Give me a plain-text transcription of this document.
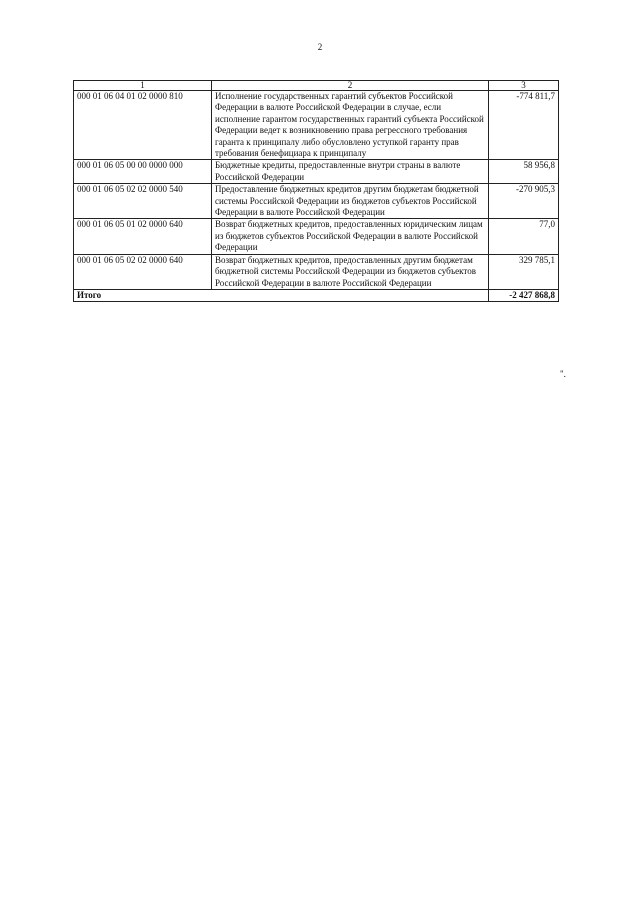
2
1	2	3
000 01 06 04 01 02 0000 810	Исполнение государственных гарантий субъектов Российской Федерации в валюте Российской Федерации в случае, если исполнение гарантом государственных гарантий субъекта Российской Федерации ведет к возникновению права регрессного требования гаранта к принципалу либо обусловлено уступкой гаранту прав требования бенефициара к принципалу	-774 811,7
000 01 06 05 00 00 0000 000	Бюджетные кредиты, предоставленные внутри страны в валюте Российской Федерации	58 956,8
000 01 06 05 02 02 0000 540	Предоставление бюджетных кредитов другим бюджетам бюджетной системы Российской Федерации из бюджетов субъектов Российской Федерации в валюте Российской Федерации	-270 905,3
000 01 06 05 01 02 0000 640	Возврат бюджетных кредитов, предоставленных юридическим лицам из бюджетов субъектов Российской Федерации в валюте Российской Федерации	77,0
000 01 06 05 02 02 0000 640	Возврат бюджетных кредитов, предоставленных другим бюджетам бюджетной системы Российской Федерации из бюджетов субъектов Российской Федерации в валюте Российской Федерации	329 785,1
Итого		-2 427 868,8
".
